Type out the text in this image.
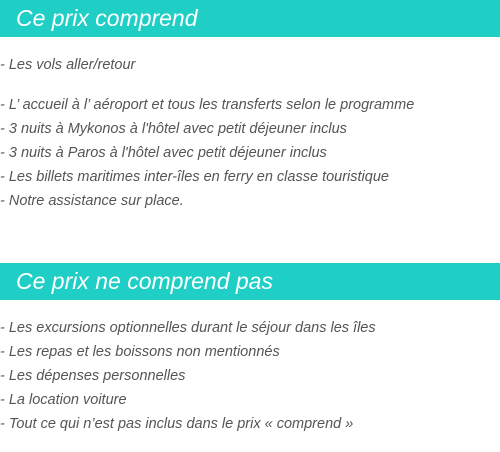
Ce prix comprend
- Les vols aller/retour
- L’ accueil à l’ aéroport et tous les transferts selon le programme
- 3 nuits à Mykonos à l'hôtel avec petit déjeuner inclus
- 3 nuits à Paros à l'hôtel avec petit déjeuner inclus
- Les billets maritimes inter-îles en ferry en classe touristique
- Notre assistance sur place.
Ce prix ne comprend pas
- Les excursions optionnelles durant le séjour dans les îles
- Les repas et les boissons non mentionnés
- Les dépenses personnelles
- La location voiture
- Tout ce qui n’est pas inclus dans le prix « comprend »
